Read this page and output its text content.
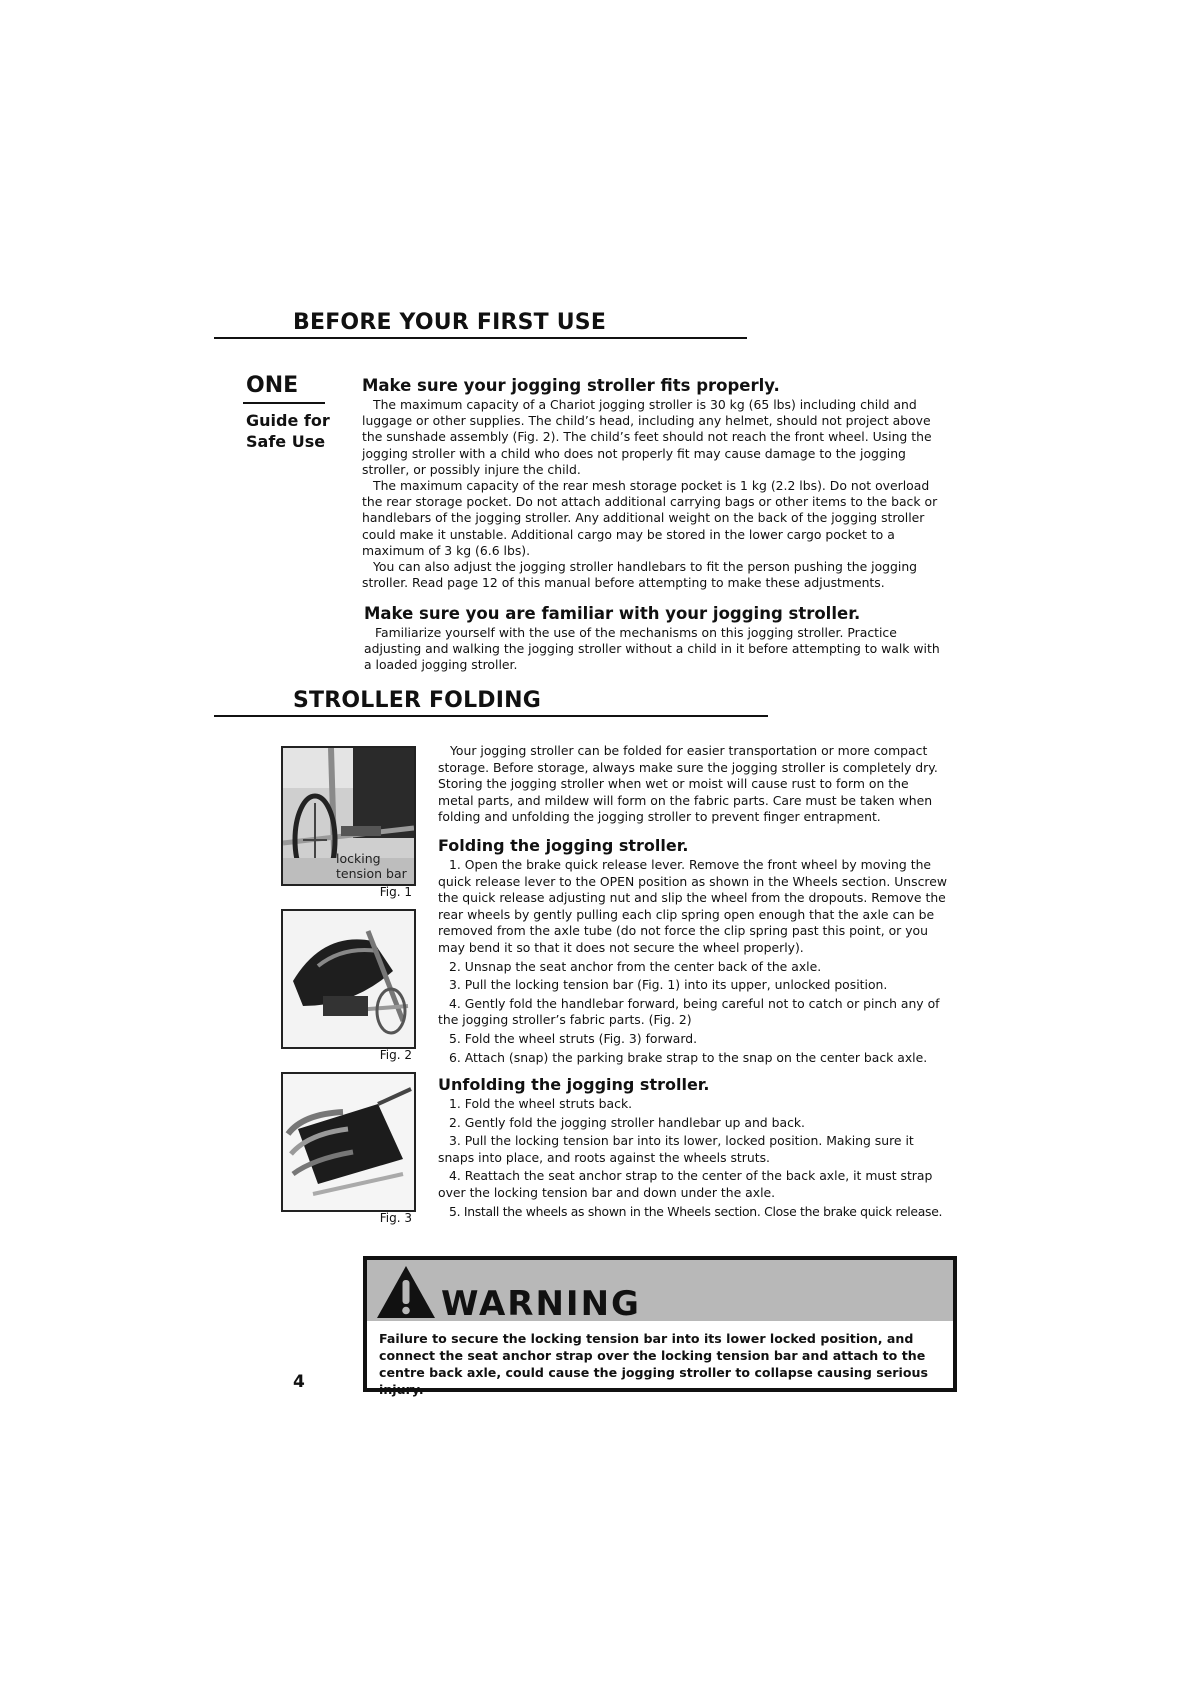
BEFORE YOUR FIRST USE

ONE

Guide for
Safe Use

Make sure your jogging stroller fits properly.

The maximum capacity of a Chariot jogging stroller is 30 kg (65 lbs) including child and luggage or other supplies. The child’s head, including any helmet, should not project above the sunshade assembly (Fig. 2). The child’s feet should not reach the front wheel. Using the jogging stroller with a child who does not properly fit may cause damage to the jogging stroller, or possibly injure the child.

The maximum capacity of the rear mesh storage pocket is 1 kg (2.2 lbs). Do not overload the rear storage pocket. Do not attach additional carrying bags or other items to the back or handlebars of the jogging stroller. Any additional weight on the back of the jogging stroller could make it unstable. Additional cargo may be stored in the lower cargo pocket to a maximum of 3 kg (6.6 lbs).

You can also adjust the jogging stroller handlebars to fit the person pushing the jogging stroller. Read page 12 of this manual before attempting to make these adjustments.

Make sure you are familiar with your jogging stroller.

Familiarize yourself with the use of the mechanisms on this jogging stroller. Practice adjusting and walking the jogging stroller without a child in it before attempting to walk with a loaded jogging stroller.

STROLLER FOLDING
locking
tension bar
Fig. 1
Fig. 2
Fig. 3

Your jogging stroller can be folded for easier transportation or more compact storage. Before storage, always make sure the jogging stroller is completely dry. Storing the jogging stroller when wet or moist will cause rust to form on the metal parts, and mildew will form on the fabric parts. Care must be taken when folding and unfolding the jogging stroller to prevent finger entrapment.

Folding the jogging stroller.
1. Open the brake quick release lever. Remove the front wheel by moving the quick release lever to the OPEN position as shown in the Wheels section. Unscrew the quick release adjusting nut and slip the wheel from the dropouts. Remove the rear wheels by gently pulling each clip spring open enough that the axle can be removed from the axle tube (do not force the clip spring past this point, or you may bend it so that it does not secure the wheel properly).
2. Unsnap the seat anchor from the center back of the axle.
3. Pull the locking tension bar (Fig. 1) into its upper, unlocked position.
4. Gently fold the handlebar forward, being careful not to catch or pinch any of the jogging stroller’s fabric parts. (Fig. 2)
5. Fold the wheel struts (Fig. 3) forward.
6. Attach (snap) the parking brake strap to the snap on the center back axle.
Unfolding the jogging stroller.
1. Fold the wheel struts back.
2. Gently fold the jogging stroller handlebar up and back.
3. Pull the locking tension bar into its lower, locked position. Making sure it snaps into place, and roots against the wheels struts.
4. Reattach the seat anchor strap to the center of the back axle, it must strap over the locking tension bar and down under the axle.
5. Install the wheels as shown in the Wheels section. Close the brake quick release.
WARNING

Failure to secure the locking tension bar into its lower locked position, and connect the seat anchor strap over the locking tension bar and attach to the centre back axle, could cause the jogging stroller to collapse causing serious injury.

4
